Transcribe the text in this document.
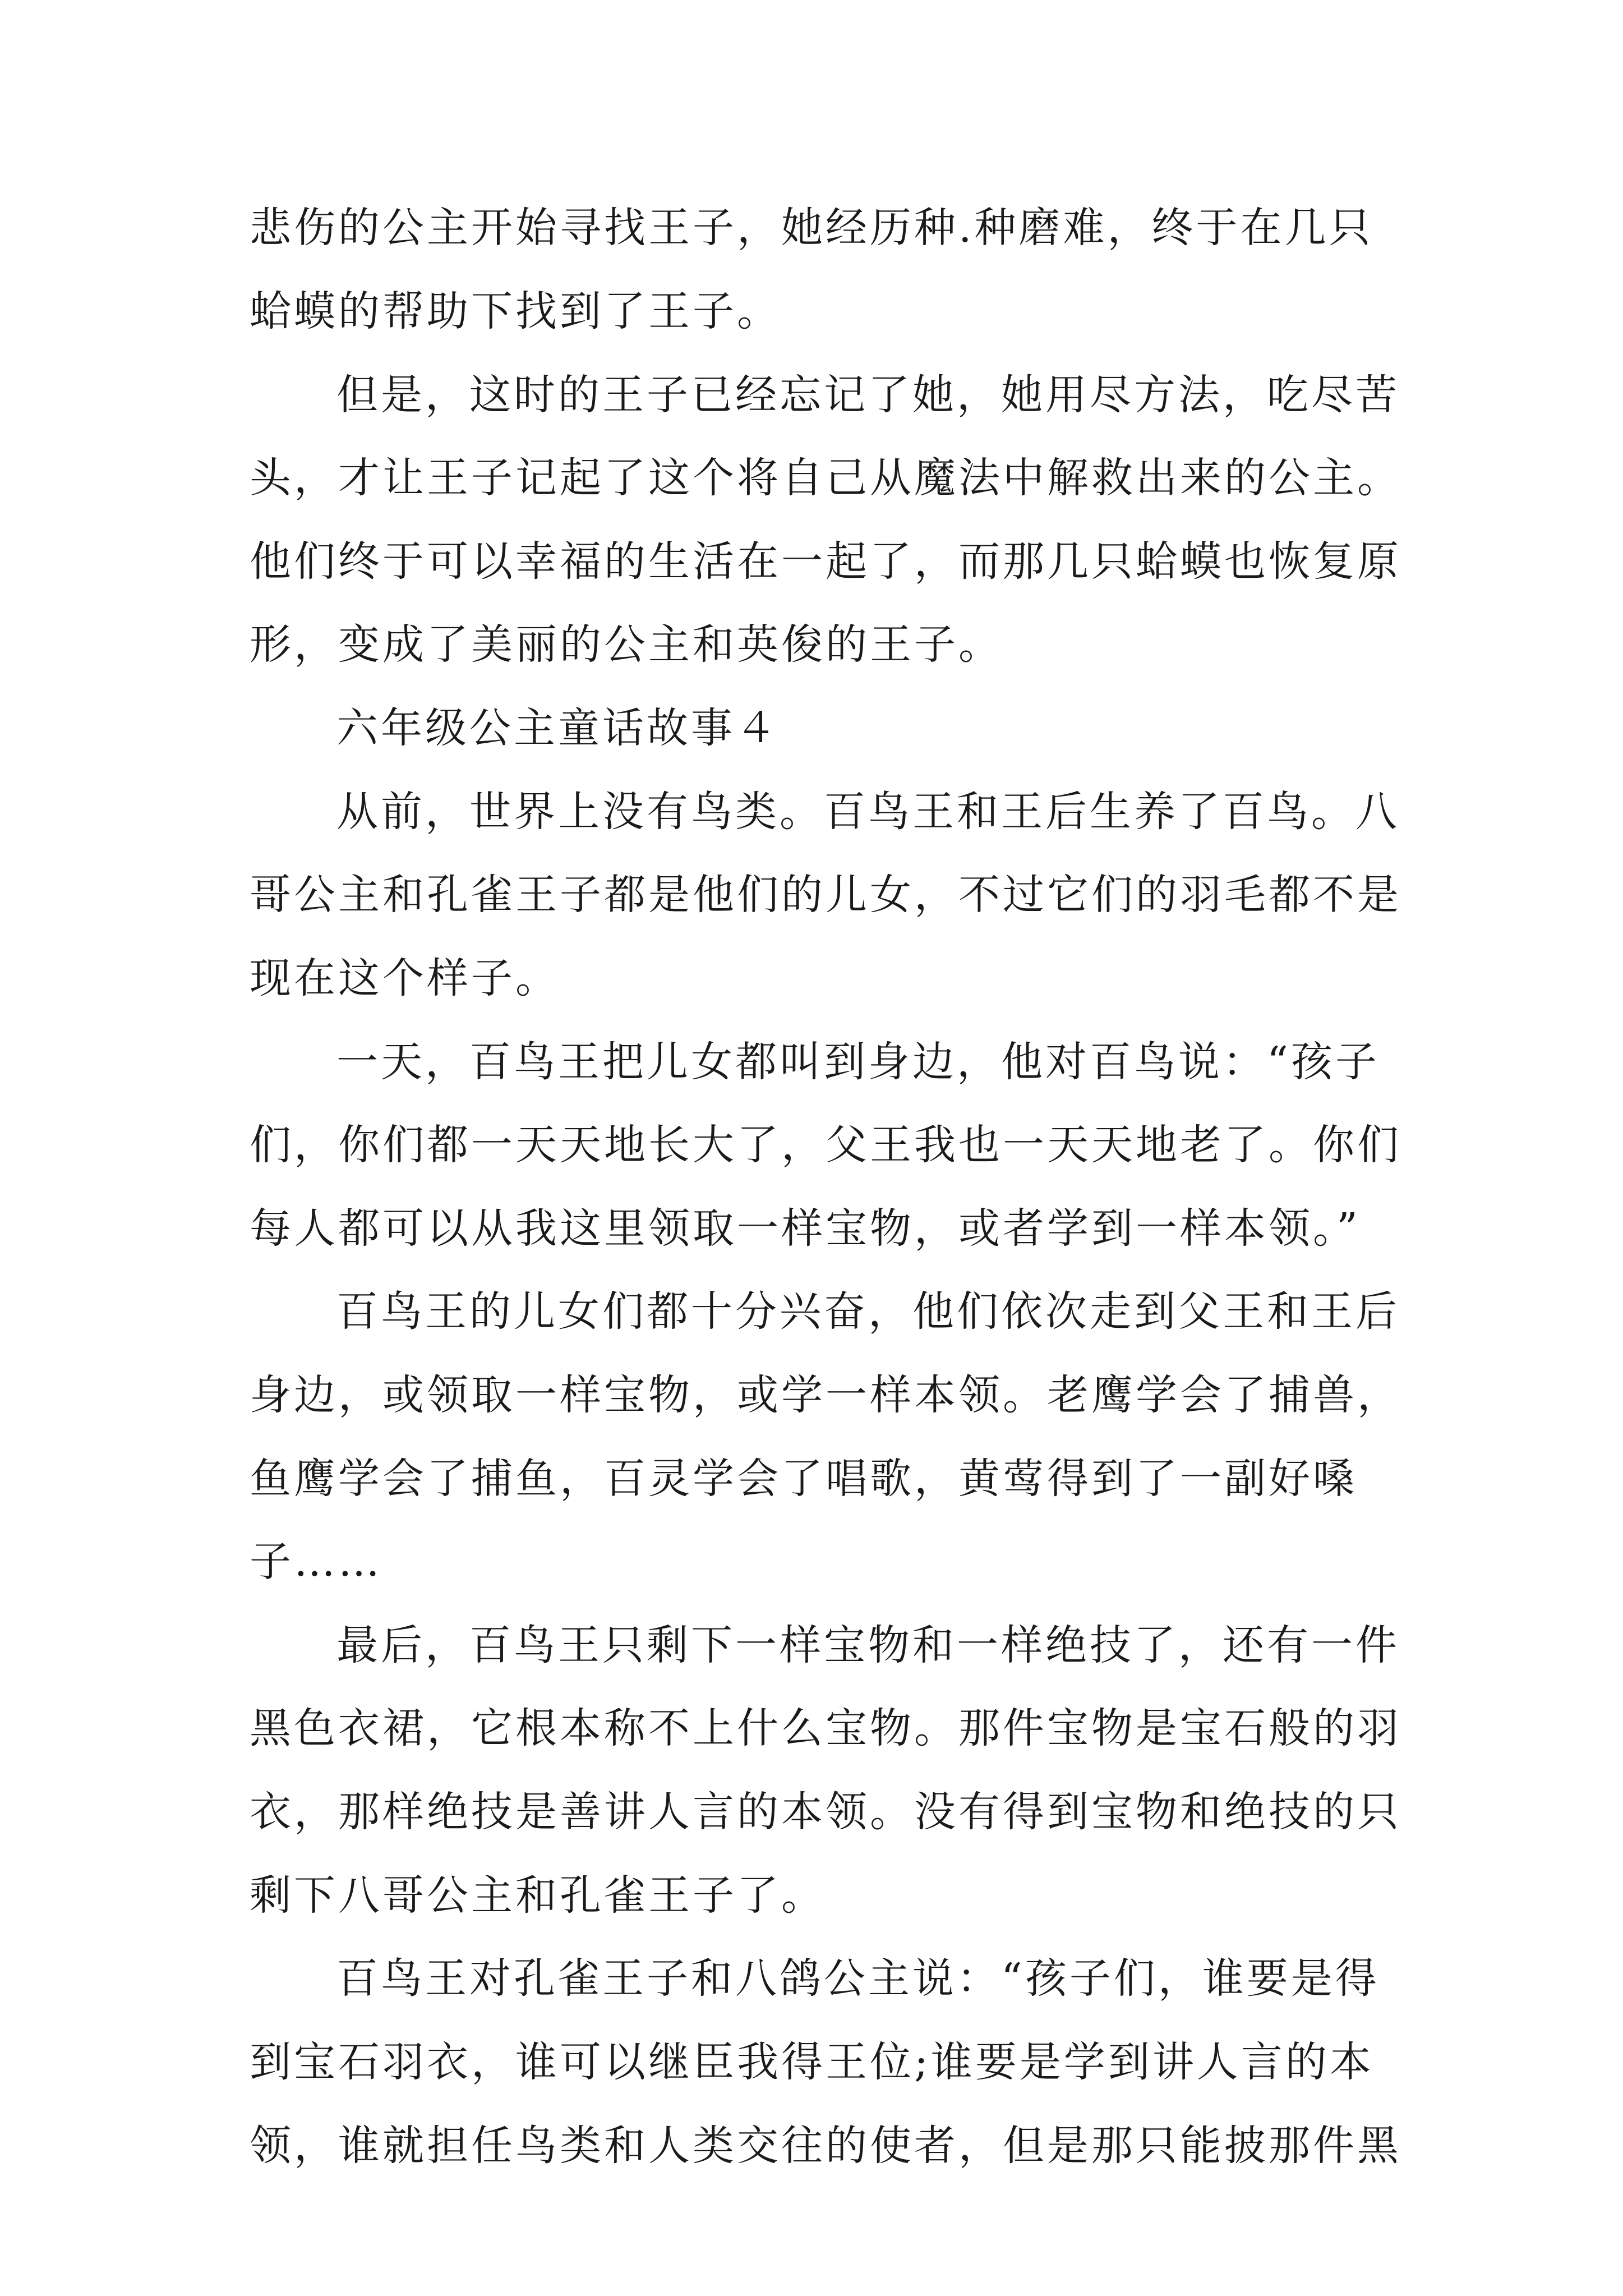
悲伤的公主开始寻找王子，她经历种.种磨难，终于在几只
蛤蟆的帮助下找到了王子。
但是，这时的王子已经忘记了她，她用尽方法，吃尽苦
头，才让王子记起了这个将自己从魔法中解救出来的公主。
他们终于可以幸福的生活在一起了，而那几只蛤蟆也恢复原
形，变成了美丽的公主和英俊的王子。
六年级公主童话故事４
从前，世界上没有鸟类。百鸟王和王后生养了百鸟。八
哥公主和孔雀王子都是他们的儿女，不过它们的羽毛都不是
现在这个样子。
一天，百鸟王把儿女都叫到身边，他对百鸟说：“孩子
们，你们都一天天地长大了，父王我也一天天地老了。你们
每人都可以从我这里领取一样宝物，或者学到一样本领。”
百鸟王的儿女们都十分兴奋，他们依次走到父王和王后
身边，或领取一样宝物，或学一样本领。老鹰学会了捕兽，
鱼鹰学会了捕鱼，百灵学会了唱歌，黄莺得到了一副好嗓
子……
最后，百鸟王只剩下一样宝物和一样绝技了，还有一件
黑色衣裙，它根本称不上什么宝物。那件宝物是宝石般的羽
衣，那样绝技是善讲人言的本领。没有得到宝物和绝技的只
剩下八哥公主和孔雀王子了。
百鸟王对孔雀王子和八鸽公主说：“孩子们，谁要是得
到宝石羽衣，谁可以继臣我得王位;谁要是学到讲人言的本
领，谁就担任鸟类和人类交往的使者，但是那只能披那件黑
